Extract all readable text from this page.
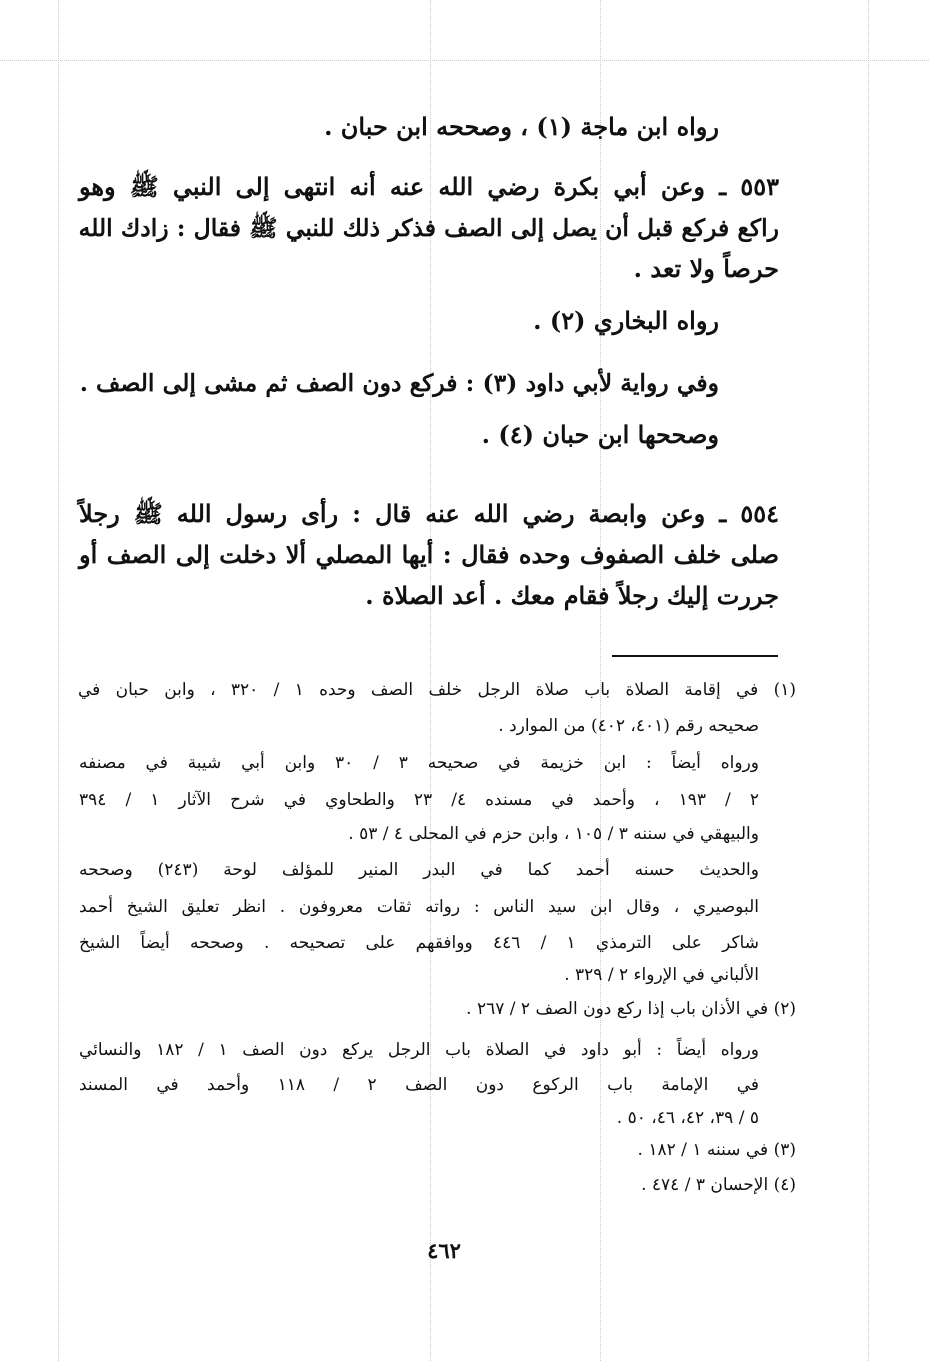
رواه ابن ماجة (١) ، وصححه ابن حبان .
٥٥٣ ـ وعن أبي بكرة رضي الله عنه أنه انتهى إلى النبي ﷺ وهو
راكع فركع قبل أن يصل إلى الصف فذكر ذلك للنبي ﷺ فقال : زادك الله
حرصاً ولا تعد .
رواه البخاري (٢) .
وفي رواية لأبي داود (٣) : فركع دون الصف ثم مشى إلى الصف .
وصححها ابن حبان (٤) .
٥٥٤ ـ وعن وابصة رضي الله عنه قال : رأى رسول الله ﷺ رجلاً
صلى خلف الصفوف وحده فقال : أيها المصلي ألا دخلت إلى الصف أو
جررت إليك رجلاً فقام معك . أعد الصلاة .
(١) في إقامة الصلاة باب صلاة الرجل خلف الصف وحده ١ / ٣٢٠ ، وابن حبان في
صحيحه رقم (٤٠١، ٤٠٢) من الموارد .
ورواه أيضاً : ابن خزيمة في صحيحه ٣ / ٣٠ وابن أبي شيبة في مصنفه
٢ / ١٩٣ ، وأحمد في مسنده ٤/ ٢٣ والطحاوي في شرح الآثار ١ / ٣٩٤
والبيهقي في سننه ٣ / ١٠٥ ، وابن حزم في المحلى ٤ / ٥٣ .
والحديث حسنه أحمد كما في البدر المنير للمؤلف لوحة (٢٤٣) وصححه
البوصيري ، وقال ابن سيد الناس : رواته ثقات معروفون . انظر تعليق الشيخ أحمد
شاكر على الترمذي ١ / ٤٤٦ ووافقهم على تصحيحه . وصححه أيضاً الشيخ
الألباني في الإرواء ٢ / ٣٢٩ .
(٢) في الأذان باب إذا ركع دون الصف ٢ / ٢٦٧ .
ورواه أيضاً : أبو داود في الصلاة باب الرجل يركع دون الصف ١ / ١٨٢ والنسائي
في الإمامة باب الركوع دون الصف ٢ / ١١٨ وأحمد في المسند
٥ / ٣٩، ٤٢، ٤٦، ٥٠ .
(٣) في سننه ١ / ١٨٢ .
(٤) الإحسان ٣ / ٤٧٤ .
٤٦٢
